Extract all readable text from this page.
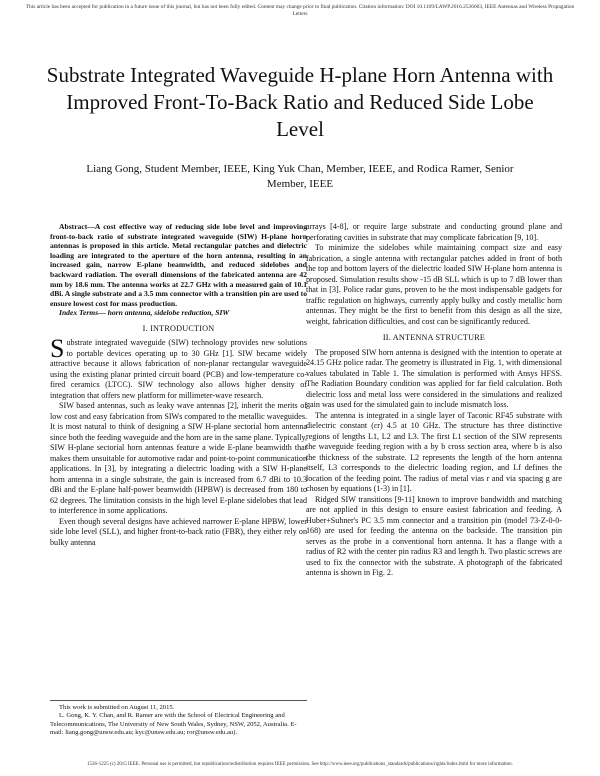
This article has been accepted for publication in a future issue of this journal, but has not been fully edited. Content may change prior to final publication. Citation information: DOI 10.1109/LAWP.2016.2536603, IEEE Antennas and Wireless Propagation Letters
Substrate Integrated Waveguide H-plane Horn Antenna with Improved Front-To-Back Ratio and Reduced Side Lobe Level
Liang Gong, Student Member, IEEE, King Yuk Chan, Member, IEEE, and Rodica Ramer, Senior Member, IEEE

Abstract—A cost effective way of reducing side lobe level and improving front-to-back ratio of substrate integrated waveguide (SIW) H-plane horn antennas is proposed in this article. Metal rectangular patches and dielectric loading are integrated to the aperture of the horn antenna, resulting in an increased gain, narrow E-plane beamwidth, and reduced sidelobes and backward radiation. The overall dimensions of the fabricated antenna are 42 mm by 18.6 mm. The antenna works at 22.7 GHz with a measured gain of 10.1 dBi. A single substrate and a 3.5 mm connector with a transition pin are used to ensure lowest cost for mass production.

Index Terms— horn antenna, sidelobe reduction, SIW

I. INTRODUCTION

Substrate integrated waveguide (SIW) technology provides new solutions to portable devices operating up to 30 GHz [1]. SIW became widely attractive because it allows fabrication of non-planar rectangular waveguide using the existing planar printed circuit board (PCB) and low-temperature co-fired ceramics (LTCC). SIW technology also allows higher density of integration that offers new platform for millimeter-wave research.

SIW based antennas, such as leaky wave antennas [2], inherit the merits of low cost and easy fabrication from SIWs compared to the metallic waveguides. It is most natural to think of designing a SIW H-plane sectorial horn antenna since both the feeding waveguide and the horn are in the same plane. Typically, SIW H-plane sectorial horn antennas feature a wide E-plane beamwidth that makes them unsuitable for automotive radar and point-to-point communication applications. In [3], by integrating a dielectric loading with a SIW H-plane horn antenna in a single substrate, the gain is increased from 6.7 dBi to 10.3 dBi and the E-plane half-power beamwidth (HPBW) is decreased from 180 to 62 degrees. The limitation consists in the high level E-plane sidelobes that lead to interference in some applications.

Even though several designs have achieved narrower E-plane HPBW, lower side lobe level (SLL), and higher front-to-back ratio (FBR), they either rely on bulky antenna

This work is submitted on August 11, 2015.

L. Gong, K. Y. Chan, and R. Ramer are with the School of Electrical Engineering and Telecommunications, The University of New South Wales, Sydney, NSW, 2052, Australia. E-mail: liang.gong@unsw.edu.au; kyc@unsw.edu.au; ror@unsw.edu.au).

arrays [4-8], or require large substrate and conducting ground plane and perforating cavities in substrate that may complicate fabrication [9, 10].

To minimize the sidelobes while maintaining compact size and easy fabrication, a single antenna with rectangular patches added in front of both the top and bottom layers of the dielectric loaded SIW H-plane horn antenna is proposed. Simulation results show -15 dB SLL which is up to 7 dB lower than that in [3]. Police radar guns, proven to be the most indispensable gadgets for traffic regulation on highways, currently apply bulky and costly metallic horn antennas. They might be the first to benefit from this design as all the size, weight, fabrication difficulties, and cost can be significantly reduced.

II. ANTENNA STRUCTURE

The proposed SIW horn antenna is designed with the intention to operate at 24.15 GHz police radar. The geometry is illustrated in Fig. 1, with dimensional values tabulated in Table 1. The simulation is performed with Ansys HFSS. The Radiation Boundary condition was applied for far field calculation. Both dielectric loss and metal loss were considered in the simulations and realized gain was used for the simulated gain to include mismatch loss.

The antenna is integrated in a single layer of Taconic RF45 substrate with dielectric constant (εr) 4.5 at 10 GHz. The structure has three distinctive regions of lengths L1, L2 and L3. The first L1 section of the SIW represents the waveguide feeding region with a by b cross section area, where b is also the thickness of the substrate. L2 represents the length of the horn antenna itself, L3 corresponds to the dielectric loading region, and Lf defines the location of the feeding point. The radius of metal vias r and via spacing g are chosen by equations (1-3) in [1].

Ridged SIW transitions [9-11] known to improve bandwidth and matching are not applied in this design to ensure easiest fabrication and feeding. A Huber+Suhner's PC 3.5 mm connector and a transition pin (model 73-Z-0-0-168) are used for feeding the antenna on the backside. The transition pin serves as the probe in a conventional horn antenna. It has a flange with a radius of R2 with the center pin radius R3 and length h. Two plastic screws are used to fix the connector with the substrate. A photograph of the fabricated antenna is shown in Fig. 2.

1536-1225 (c) 2015 IEEE. Personal use is permitted, but republication/redistribution requires IEEE permission. See http://www.ieee.org/publications_standards/publications/rights/index.html for more information.
